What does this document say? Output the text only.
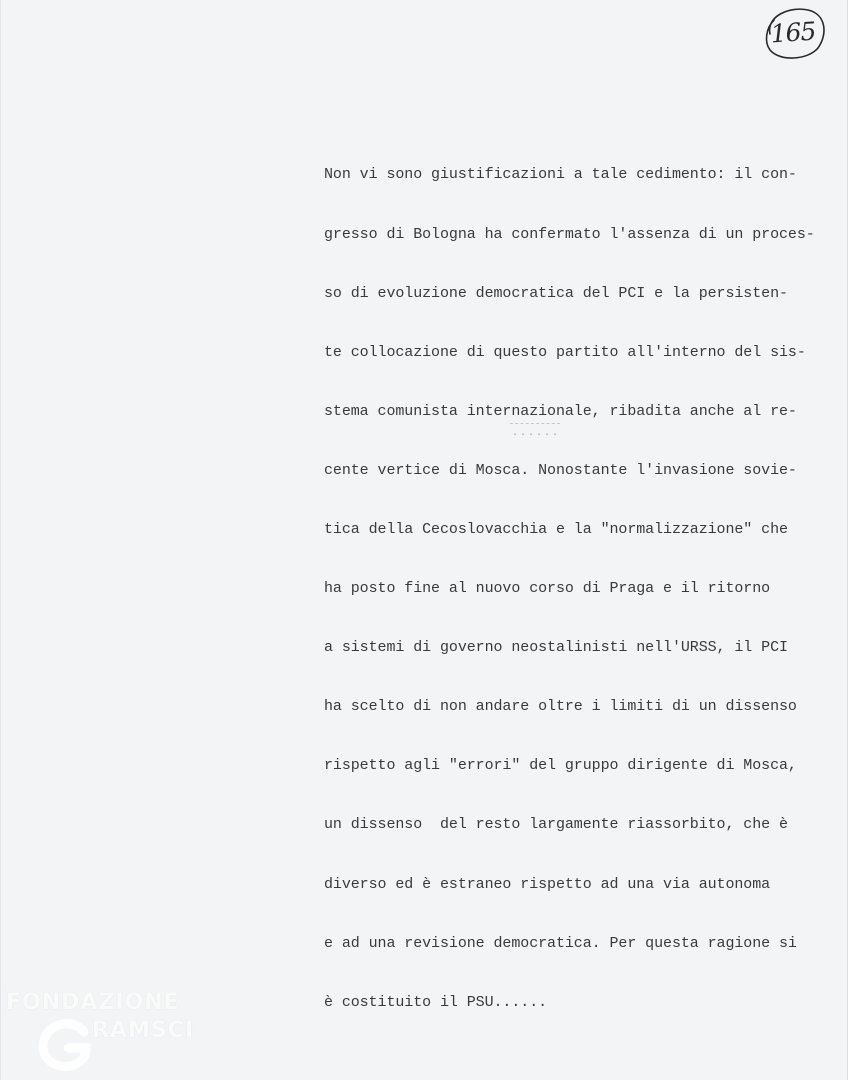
165

Non vi sono giustificazioni a tale cedimento: il con-

gresso di Bologna ha confermato l'assenza di un proces-

so di evoluzione democratica del PCI e la persisten-

te collocazione di questo partito all'interno del sis-

stema comunista internazionale, ribadita anche al re-

cente vertice di Mosca. Nonostante l'invasione sovie-

tica della Cecoslovacchia e la "normalizzazione" che

ha posto fine al nuovo corso di Praga e il ritorno

a sistemi di governo neostalinisti nell'URSS, il PCI

ha scelto di non andare oltre i limiti di un dissenso

rispetto agli "errori" del gruppo dirigente di Mosca,

un dissenso  del resto largamente riassorbito, che è

diverso ed è estraneo rispetto ad una via autonoma

e ad una revisione democratica. Per questa ragione si

è costituito il PSU......

......
FONDAZIONE
RAMSCI
